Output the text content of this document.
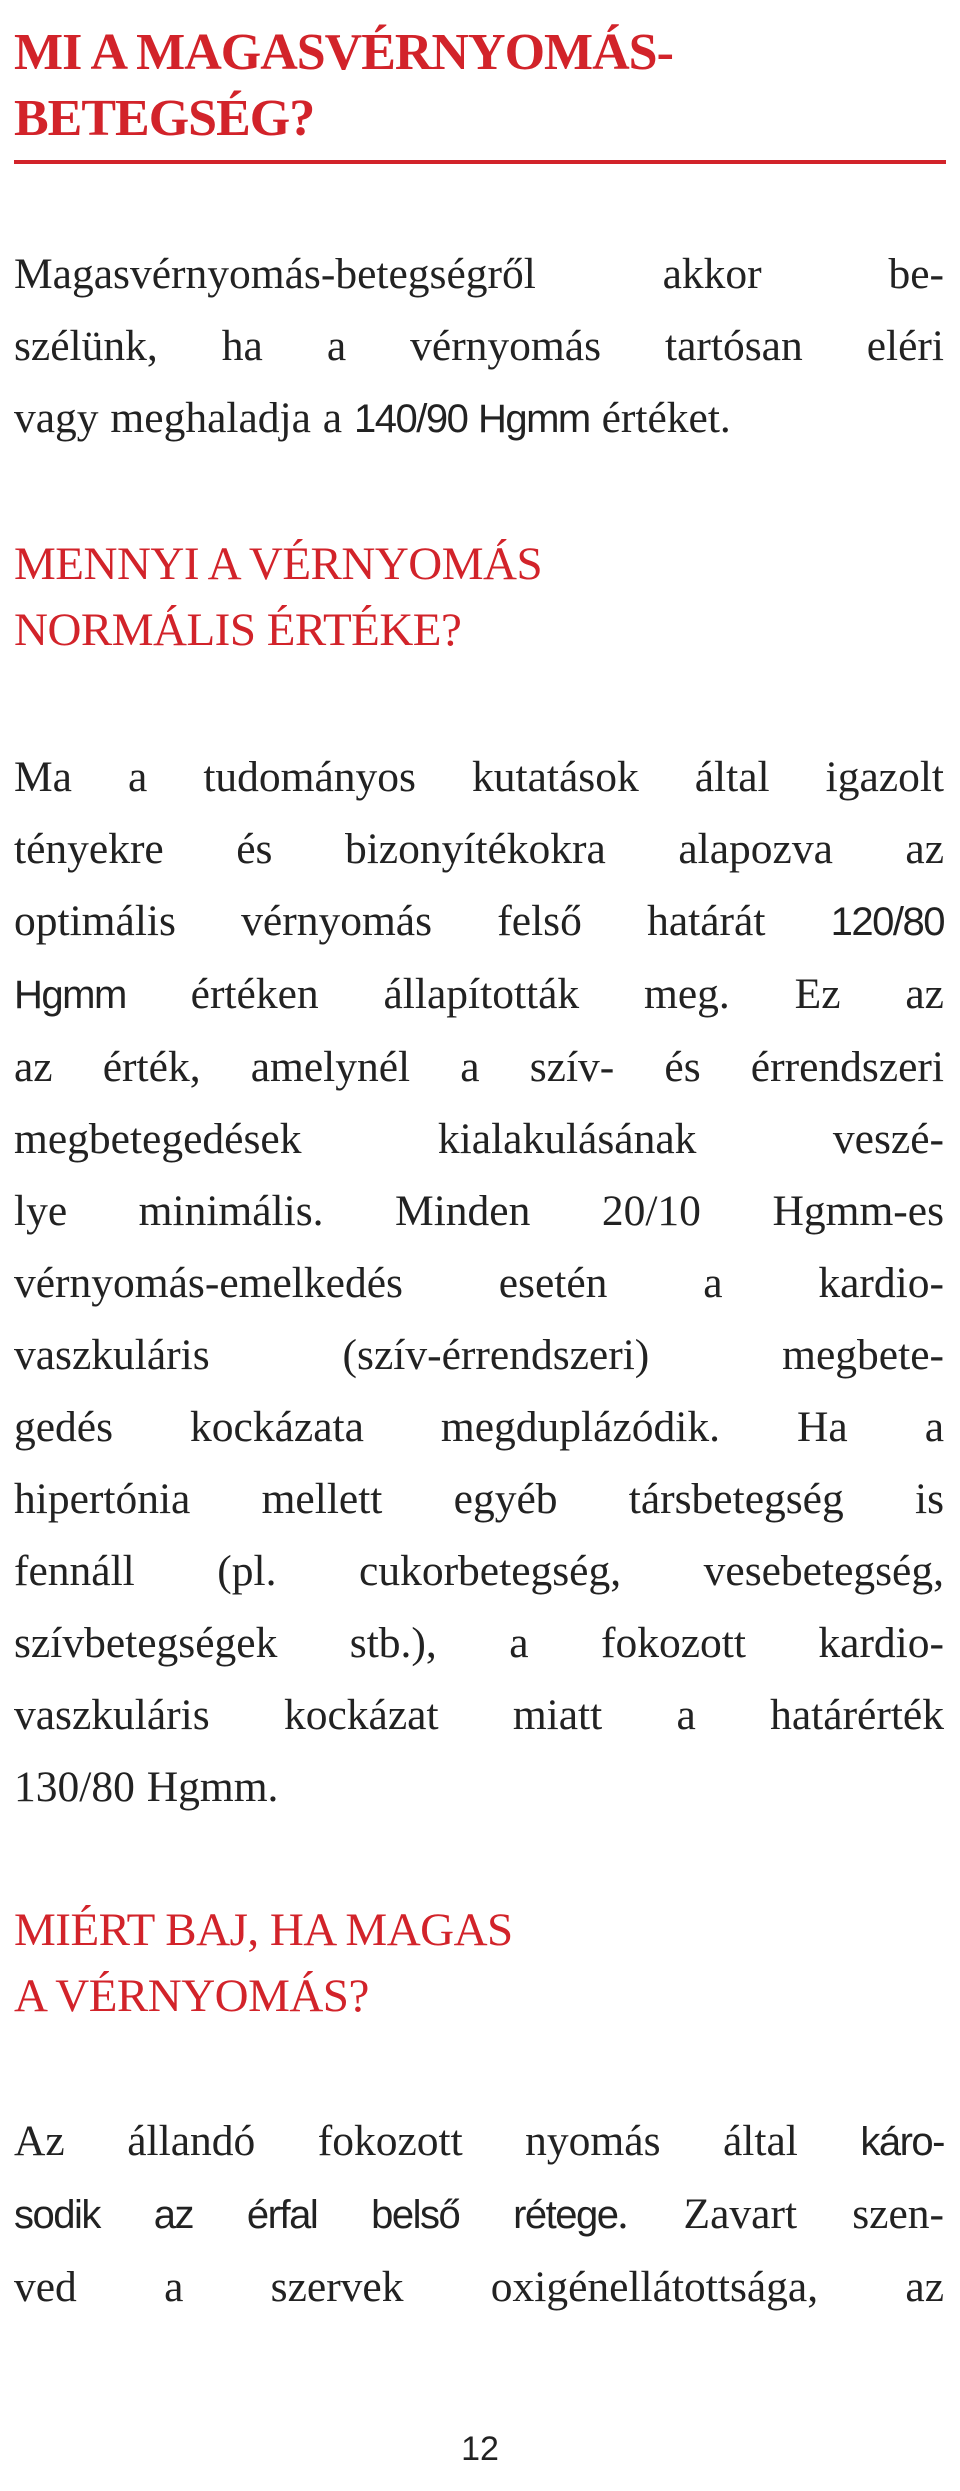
MI A MAGASVÉRNYOMÁS-
BETEGSÉG?

Magasvérnyomás-betegségről akkor be-
szélünk, ha a vérnyomás tartósan eléri
vagy meghaladja a 140/90 Hgmm értéket.

MENNYI A VÉRNYOMÁS
NORMÁLIS ÉRTÉKE?

Ma a tudományos kutatások által igazolt
tényekre és bizonyítékokra alapozva az
optimális vérnyomás felső határát 120/80
Hgmm értéken állapították meg. Ez az
az érték, amelynél a szív- és érrendszeri
megbetegedések kialakulásának veszé-
lye minimális. Minden 20/10 Hgmm-es
vérnyomás-emelkedés esetén a kardio-
vaszkuláris (szív-érrendszeri) megbete-
gedés kockázata megduplázódik. Ha a
hipertónia mellett egyéb társbetegség is
fennáll (pl. cukorbetegség, vesebetegség,
szívbetegségek stb.), a fokozott kardio-
vaszkuláris kockázat miatt a határérték
130/80 Hgmm.

MIÉRT BAJ, HA MAGAS
A VÉRNYOMÁS?

Az állandó fokozott nyomás által káro-
sodik az érfal belső rétege. Zavart szen-
ved a szervek oxigénellátottsága, az

12
